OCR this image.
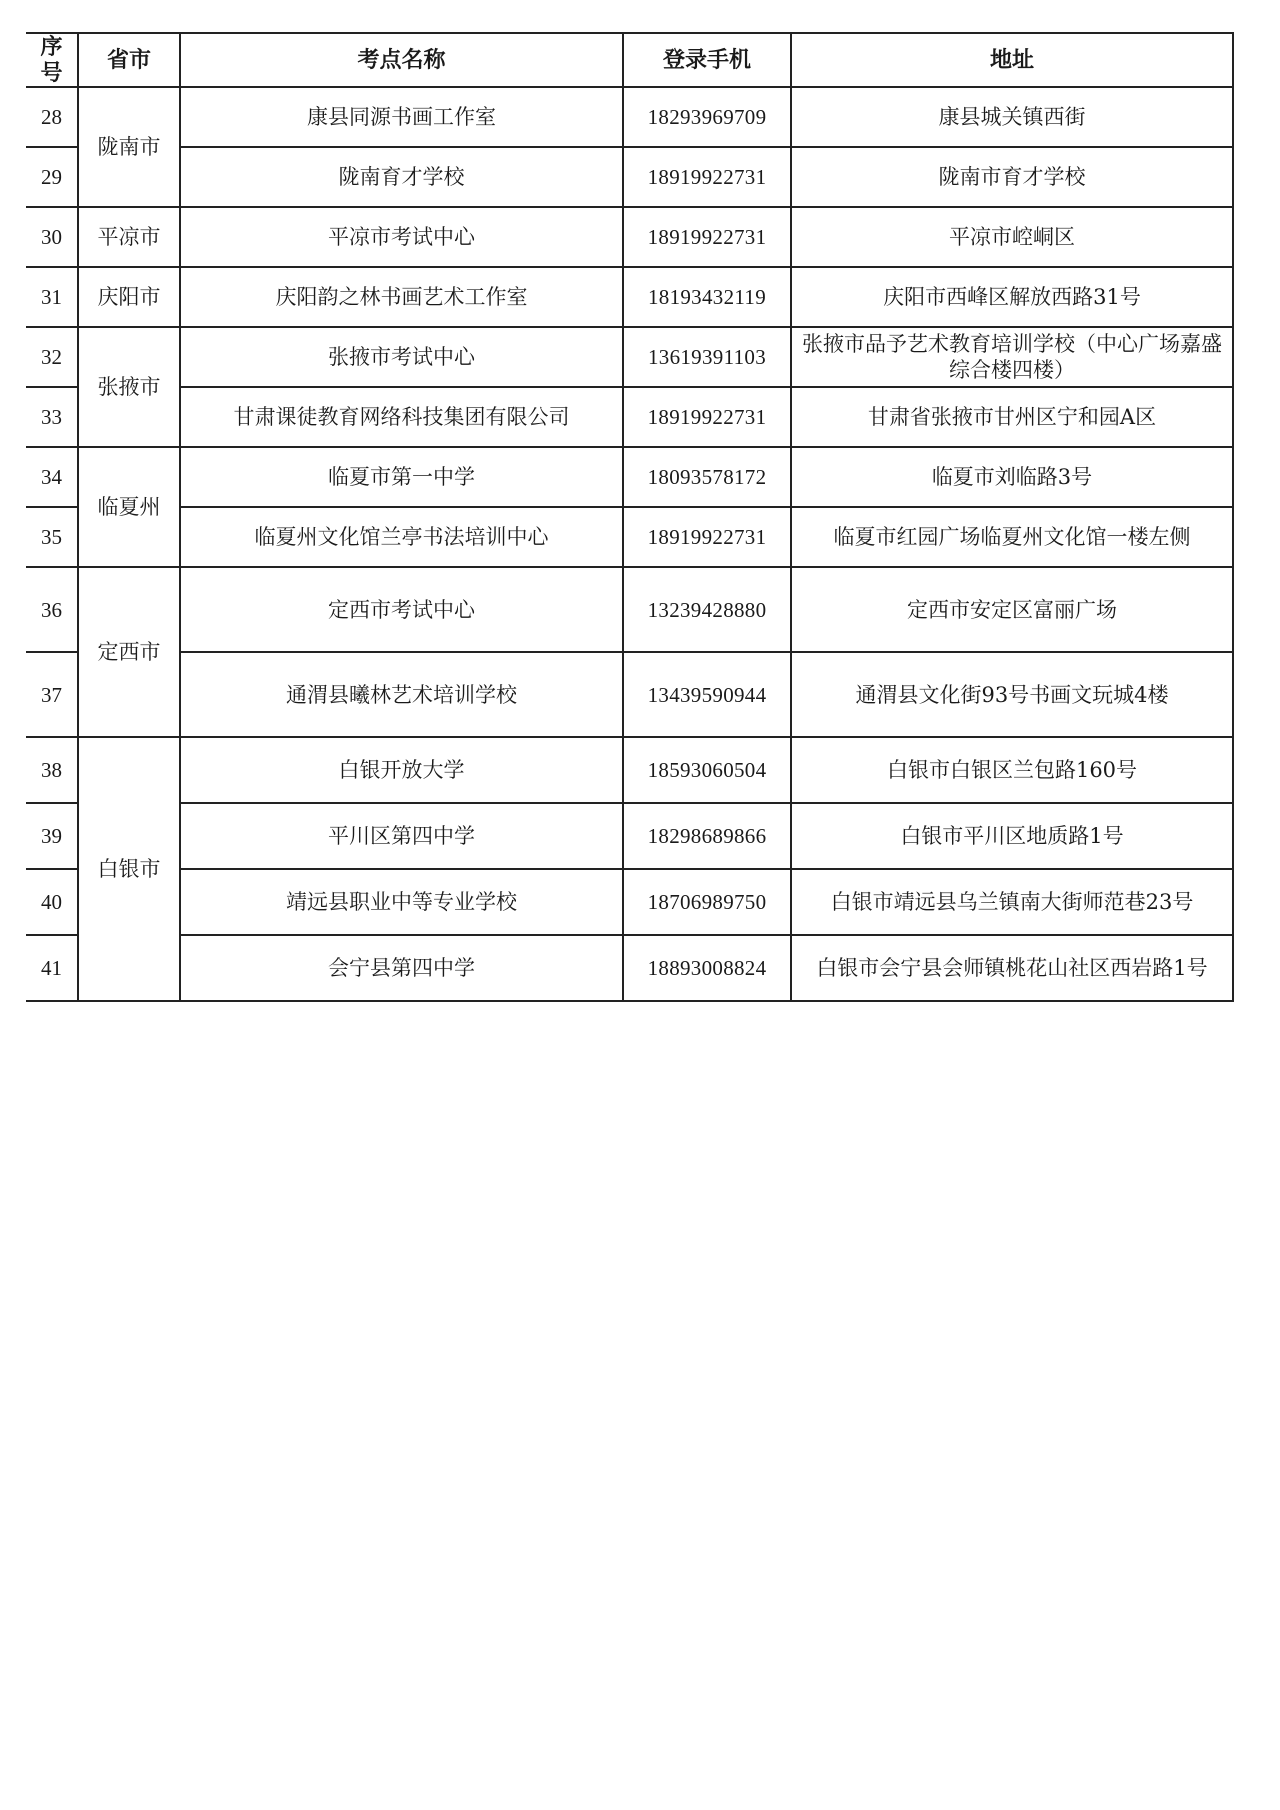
序号	省市	考点名称	登录手机	地址
28	陇南市	康县同源书画工作室	18293969709	康县城关镇西街
29		陇南育才学校	18919922731	陇南市育才学校
30	平凉市	平凉市考试中心	18919922731	平凉市崆峒区
31	庆阳市	庆阳韵之林书画艺术工作室	18193432119	庆阳市西峰区解放西路31号
32	张掖市	张掖市考试中心	13619391103	张掖市品予艺术教育培训学校（中心广场嘉盛综合楼四楼）
33		甘肃课徒教育网络科技集团有限公司	18919922731	甘肃省张掖市甘州区宁和园A区
34	临夏州	临夏市第一中学	18093578172	临夏市刘临路3号
35		临夏州文化馆兰亭书法培训中心	18919922731	临夏市红园广场临夏州文化馆一楼左侧
36	定西市	定西市考试中心	13239428880	定西市安定区富丽广场
37		通渭县曦林艺术培训学校	13439590944	通渭县文化街93号书画文玩城4楼
38	白银市	白银开放大学	18593060504	白银市白银区兰包路160号
39		平川区第四中学	18298689866	白银市平川区地质路1号
40		靖远县职业中等专业学校	18706989750	白银市靖远县乌兰镇南大街师范巷23号
41		会宁县第四中学	18893008824	白银市会宁县会师镇桃花山社区西岩路1号
